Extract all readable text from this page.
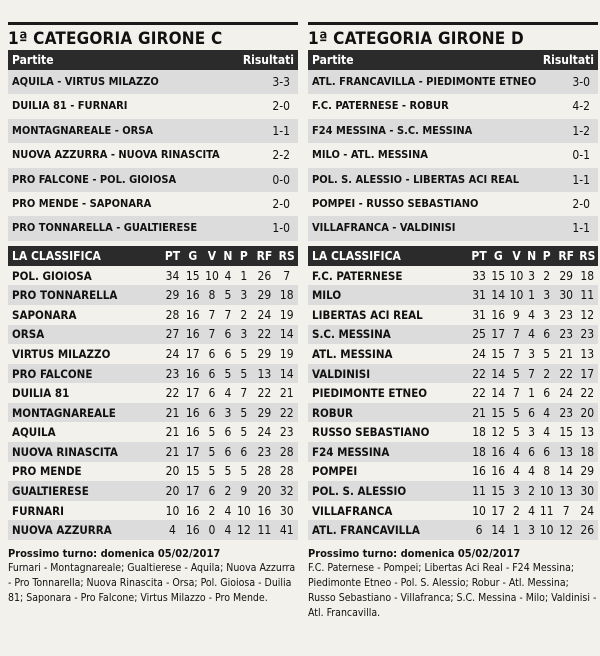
1ª CATEGORIA GIRONE C
Partite	Risultati
AQUILA - VIRTUS MILAZZO	3-3
DUILIA 81 - FURNARI	2-0
MONTAGNAREALE - ORSA	1-1
NUOVA AZZURRA - NUOVA RINASCITA	2-2
PRO FALCONE - POL. GIOIOSA	0-0
PRO MENDE - SAPONARA	2-0
PRO TONNARELLA - GUALTIERESE	1-0
LA CLASSIFICA	PT	G	V	N	P	RF	RS
POL. GIOIOSA	34	15	10	4	1	26	7
PRO TONNARELLA	29	16	8	5	3	29	18
SAPONARA	28	16	7	7	2	24	19
ORSA	27	16	7	6	3	22	14
VIRTUS MILAZZO	24	17	6	6	5	29	19
PRO FALCONE	23	16	6	5	5	13	14
DUILIA 81	22	17	6	4	7	22	21
MONTAGNAREALE	21	16	6	3	5	29	22
AQUILA	21	16	5	6	5	24	23
NUOVA RINASCITA	21	17	5	6	6	23	28
PRO MENDE	20	15	5	5	5	28	28
GUALTIERESE	20	17	6	2	9	20	32
FURNARI	10	16	2	4	10	16	30
NUOVA AZZURRA	4	16	0	4	12	11	41
Prossimo turno: domenica 05/02/2017
Furnari - Montagnareale; Gualtierese - Aquila; Nuova Azzurra - Pro Tonnarella; Nuova Rinascita - Orsa; Pol. Gioiosa - Duilia 81; Saponara - Pro Falcone; Virtus Milazzo - Pro Mende.
1ª CATEGORIA GIRONE D
Partite	Risultati
ATL. FRANCAVILLA - PIEDIMONTE ETNEO	3-0
F.C. PATERNESE - ROBUR	4-2
F24 MESSINA - S.C. MESSINA	1-2
MILO - ATL. MESSINA	0-1
POL. S. ALESSIO - LIBERTAS ACI REAL	1-1
POMPEI - RUSSO SEBASTIANO	2-0
VILLAFRANCA - VALDINISI	1-1
LA CLASSIFICA	PT	G	V	N	P	RF	RS
F.C. PATERNESE	33	15	10	3	2	29	18
MILO	31	14	10	1	3	30	11
LIBERTAS ACI REAL	31	16	9	4	3	23	12
S.C. MESSINA	25	17	7	4	6	23	23
ATL. MESSINA	24	15	7	3	5	21	13
VALDINISI	22	14	5	7	2	22	17
PIEDIMONTE ETNEO	22	14	7	1	6	24	22
ROBUR	21	15	5	6	4	23	20
RUSSO SEBASTIANO	18	12	5	3	4	15	13
F24 MESSINA	18	16	4	6	6	13	18
POMPEI	16	16	4	4	8	14	29
POL. S. ALESSIO	11	15	3	2	10	13	30
VILLAFRANCA	10	17	2	4	11	7	24
ATL. FRANCAVILLA	6	14	1	3	10	12	26
Prossimo turno: domenica 05/02/2017
F.C. Paternese - Pompei; Libertas Aci Real - F24 Messina; Piedimonte Etneo - Pol. S. Alessio; Robur - Atl. Messina; Russo Sebastiano - Villafranca; S.C. Messina - Milo; Valdinisi - Atl. Francavilla.
